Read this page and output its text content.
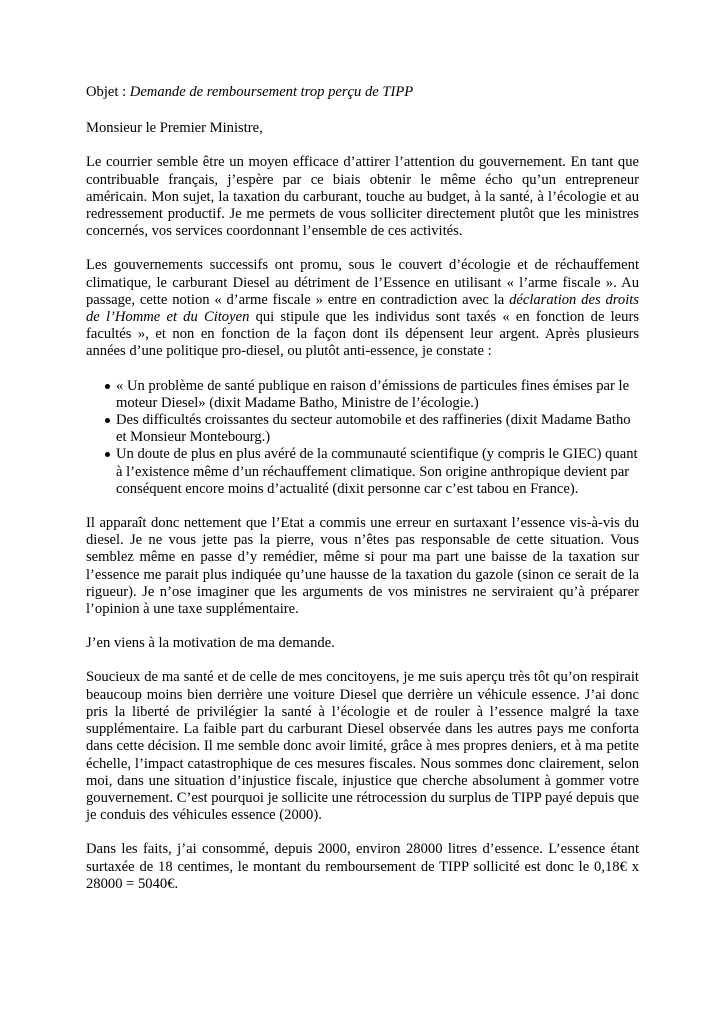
Objet : Demande de remboursement trop perçu de TIPP
Monsieur le Premier Ministre,
Le courrier semble être un moyen efficace d’attirer l’attention du gouvernement. En tant que contribuable français, j’espère par ce biais obtenir le même écho qu’un entrepreneur américain. Mon sujet, la taxation du carburant, touche au budget, à la santé, à l’écologie et au redressement productif. Je me permets de vous solliciter directement plutôt que les ministres concernés, vos services coordonnant l’ensemble de ces activités.
Les gouvernements successifs ont promu, sous le couvert d’écologie et de réchauffement climatique, le carburant Diesel au détriment de l’Essence en utilisant « l’arme fiscale ». Au passage, cette notion « d’arme fiscale » entre en contradiction avec la déclaration des droits de l’Homme et du Citoyen qui stipule que les individus sont taxés « en fonction de leurs facultés », et non en fonction de la façon dont ils dépensent leur argent. Après plusieurs années d’une politique pro-diesel, ou plutôt anti-essence, je constate :
« Un problème de santé publique en raison d’émissions de particules fines émises par le moteur Diesel» (dixit Madame Batho, Ministre de l’écologie.)
Des difficultés croissantes du secteur automobile et des raffineries (dixit Madame Batho et Monsieur Montebourg.)
Un doute de plus en plus avéré de la communauté scientifique (y compris le GIEC) quant à l’existence même d’un réchauffement climatique. Son origine anthropique devient par conséquent encore moins d’actualité (dixit personne car c’est tabou en France).
Il apparaît donc nettement que l’Etat a commis une erreur en surtaxant l’essence vis-à-vis du diesel. Je ne vous jette pas la pierre, vous n’êtes pas responsable de cette situation. Vous semblez même en passe d’y remédier, même si pour ma part une baisse de la taxation sur l’essence me parait plus indiquée qu’une hausse de la taxation du gazole (sinon ce serait de la rigueur). Je n’ose imaginer que les arguments de vos ministres ne serviraient qu’à préparer l’opinion à une taxe supplémentaire.
J’en viens à la motivation de ma demande.
Soucieux de ma santé et de celle de mes concitoyens, je me suis aperçu très tôt qu’on respirait beaucoup moins bien derrière une voiture Diesel que derrière un véhicule essence. J’ai donc pris la liberté de privilégier la santé à l’écologie et de rouler à l’essence malgré la taxe supplémentaire. La faible part du carburant Diesel observée dans les autres pays me conforta dans cette décision. Il me semble donc avoir limité, grâce à mes propres deniers, et à ma petite échelle, l’impact catastrophique de ces mesures fiscales. Nous sommes donc clairement, selon moi, dans une situation d’injustice fiscale, injustice que cherche absolument à gommer votre gouvernement. C’est pourquoi je sollicite une rétrocession du surplus de TIPP payé depuis que je conduis des véhicules essence (2000).
Dans les faits, j’ai consommé, depuis 2000, environ 28000 litres d’essence. L’essence étant surtaxée de 18 centimes, le montant du remboursement de TIPP sollicité est donc le 0,18€ x 28000 = 5040€.
